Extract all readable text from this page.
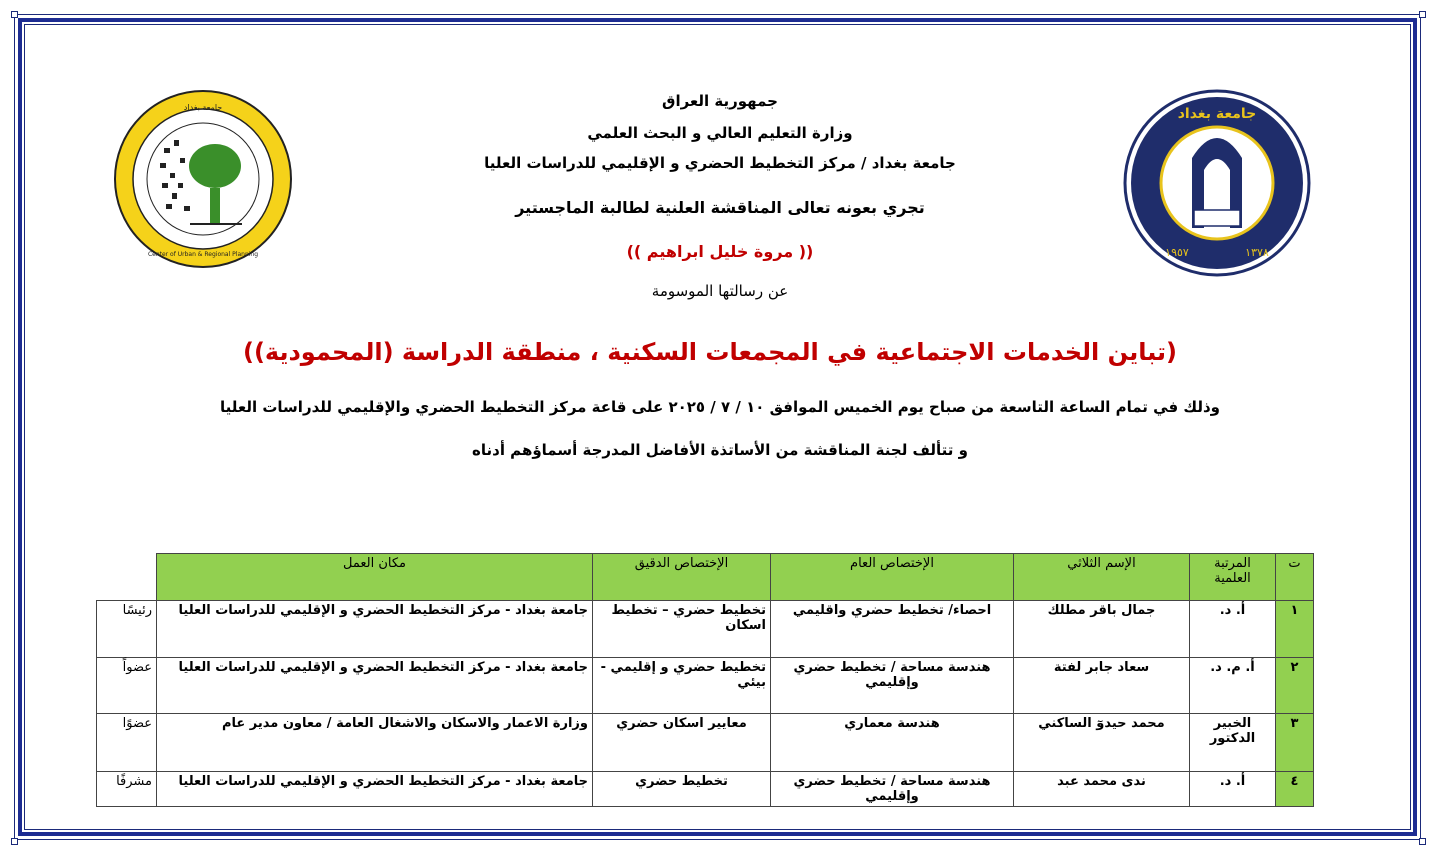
جامعة بغداد
Center of Urban & Regional Planning
جامعة بغداد
١٩٥٧	١٣٧٨
جمهورية العراق
وزارة التعليم العالي و البحث العلمي
جامعة بغداد / مركز التخطيط الحضري و الإقليمي للدراسات العليا
تجري بعونه تعالى المناقشة العلنية لطالبة الماجستير
(( مروة خليل ابراهيم ))
عن رسالتها الموسومة
(تباين الخدمات الاجتماعية في المجمعات السكنية ، منطقة الدراسة (المحمودية))
وذلك في تمام الساعة التاسعة من صباح يوم الخميس الموافق ١٠ / ٧ / ٢٠٢٥ على قاعة مركز التخطيط الحضري والإقليمي للدراسات العليا
و تتألف لجنة المناقشة من الأساتذة الأفاضل المدرجة أسماؤهم أدناه
ت	المرتبة العلمية	الإسم الثلاثي	الإختصاص العام	الإختصاص الدقيق	مكان العمل	
١	أ. د.	جمال باقر مطلك	احصاء/ تخطيط حضري واقليمي	تخطيط حضري – تخطيط اسكان	جامعة بغداد - مركز التخطيط الحضري و الإقليمي للدراسات العليا	رئيسًا
٢	أ. م. د.	سعاد جابر لفتة	هندسة مساحة / تخطيط حضري وإقليمي	تخطيط حضري و إقليمي - بيئي	جامعة بغداد - مركز التخطيط الحضري و الإقليمي للدراسات العليا	عضواً
٣	الخبير الدكتور	محمد حيدوٓ الساكني	هندسة معماري	معايير اسكان حضري	وزارة الاعمار والاسكان والاشغال العامة / معاون مدير عام	عضوًا
٤	أ. د.	ندى محمد عبد	هندسة مساحة / تخطيط حضري وإقليمي	تخطيط حضري	جامعة بغداد - مركز التخطيط الحضري و الإقليمي للدراسات العليا	مشرفًا
